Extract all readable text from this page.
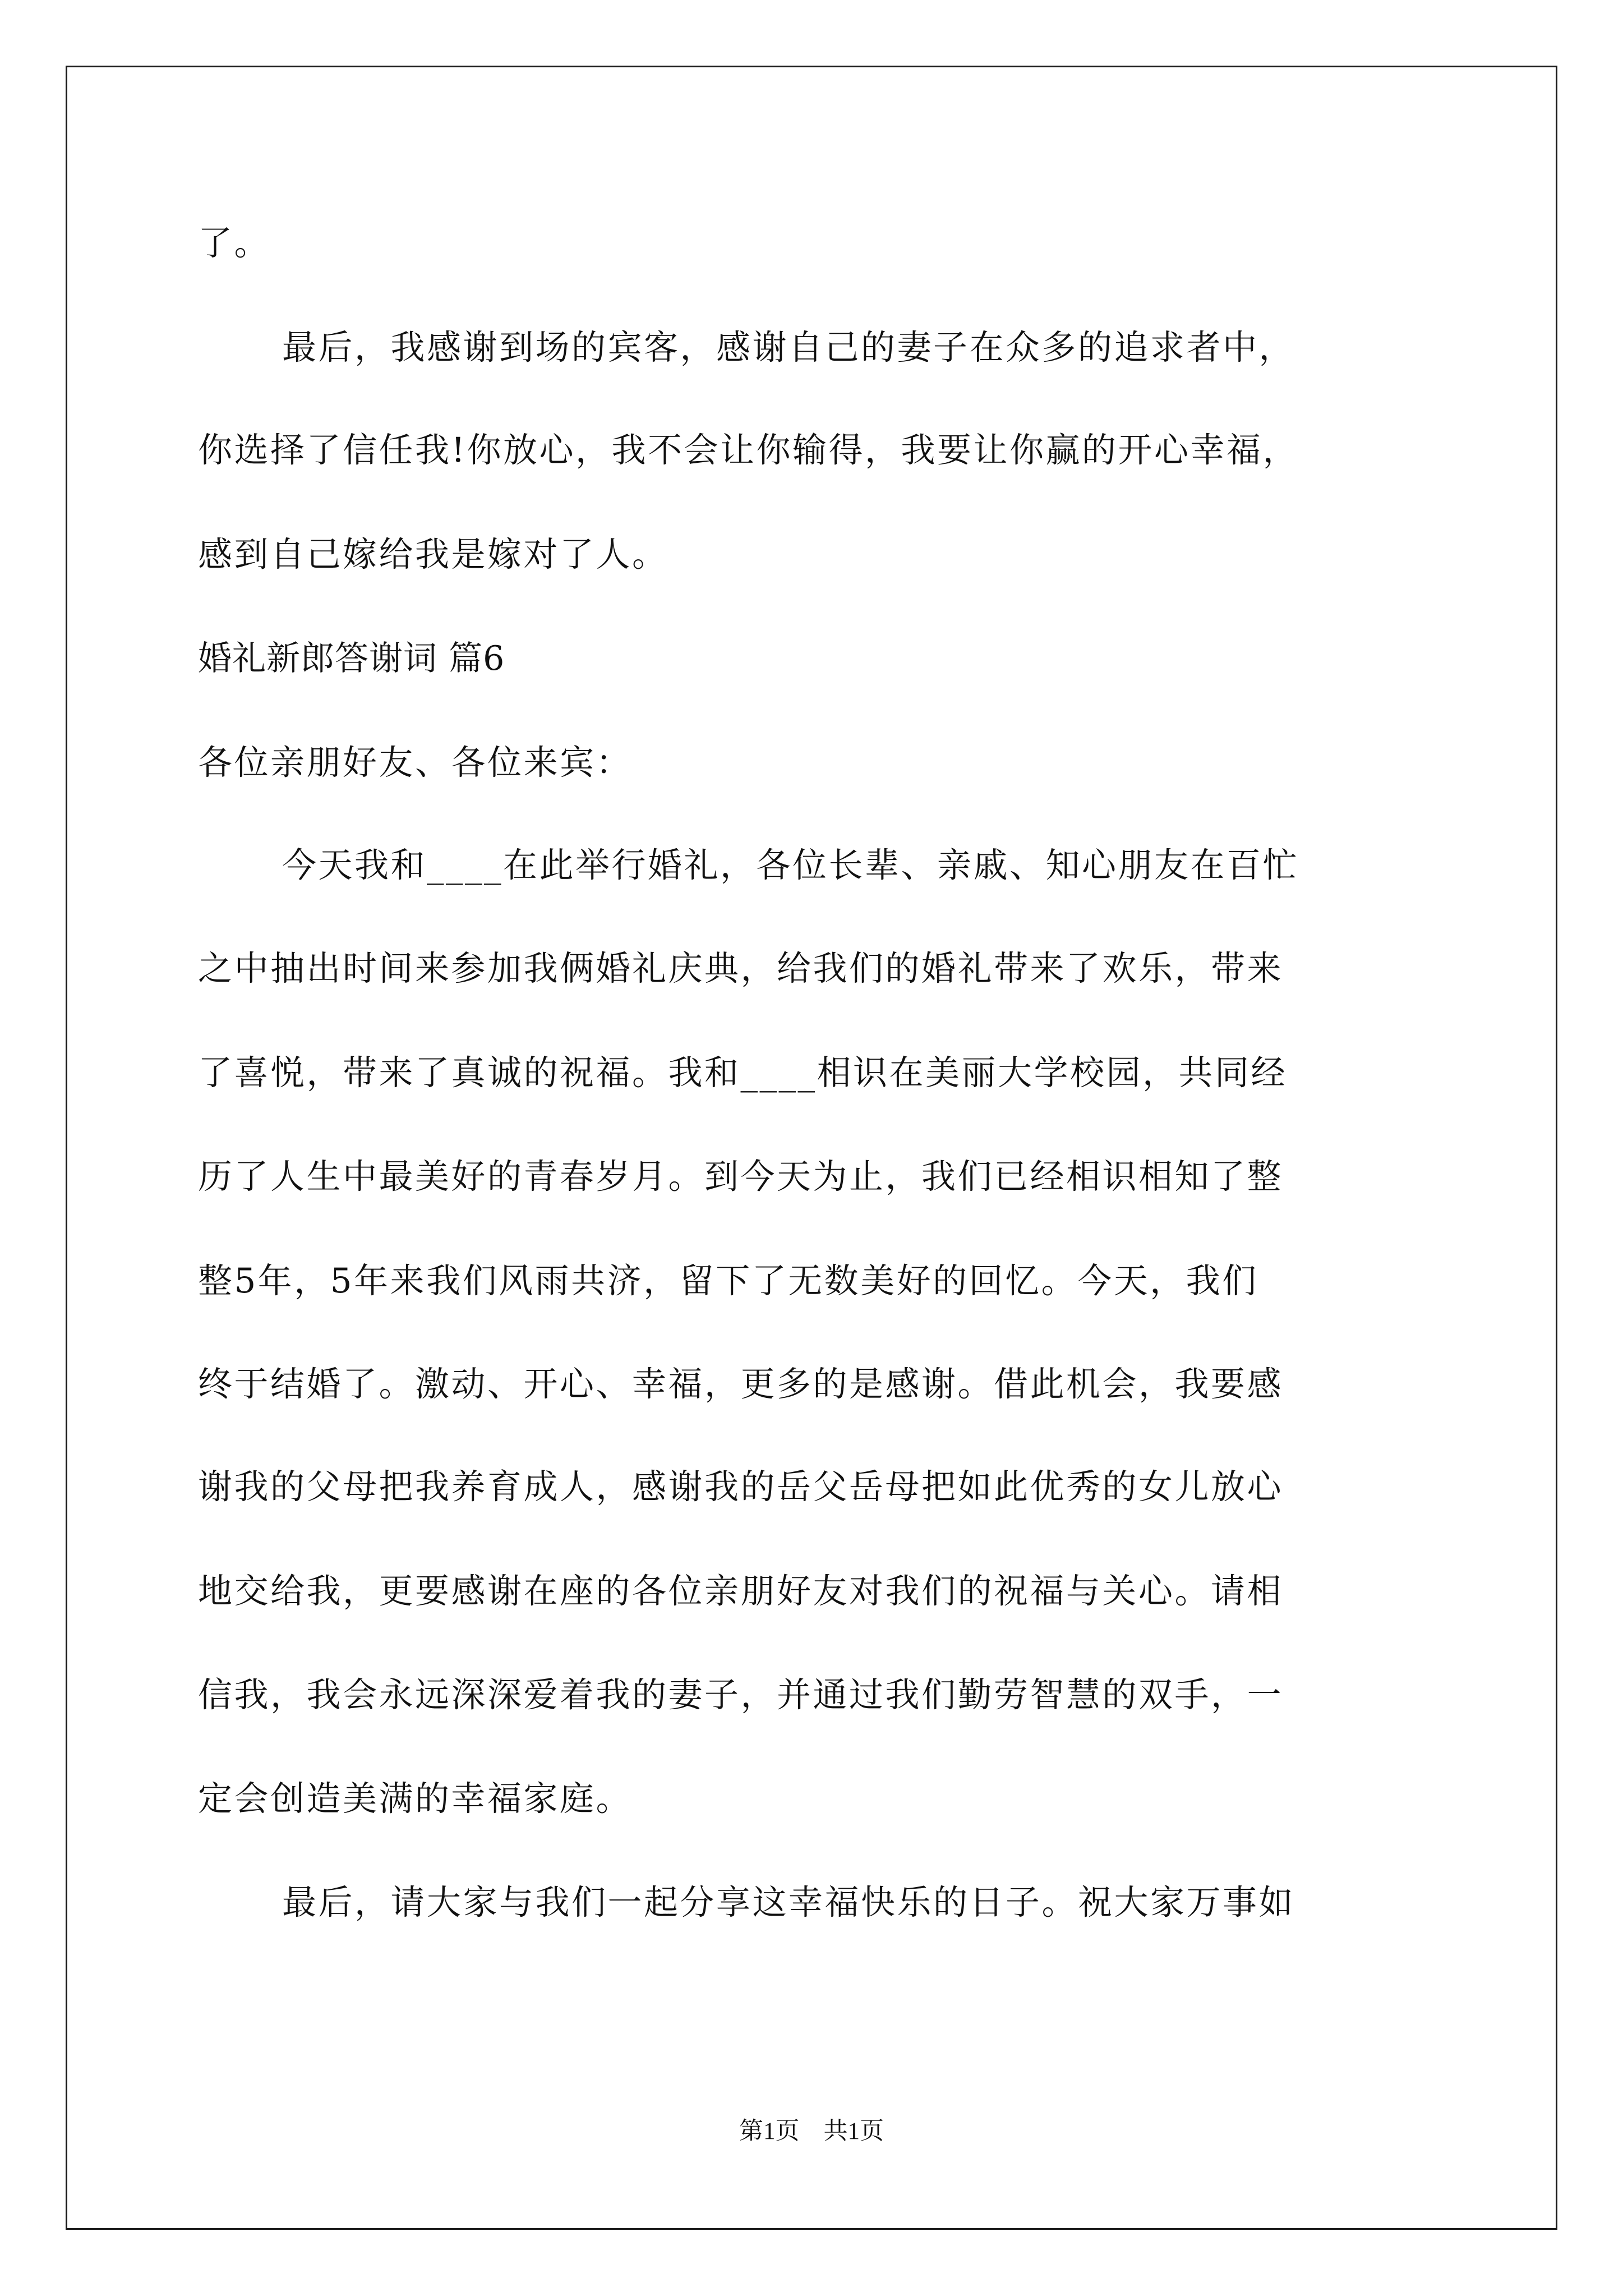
了。
最后，我感谢到场的宾客，感谢自己的妻子在众多的追求者中，
你选择了信任我!你放心，我不会让你输得，我要让你赢的开心幸福，
感到自己嫁给我是嫁对了人。
婚礼新郎答谢词 篇6
各位亲朋好友、各位来宾：
今天我和____在此举行婚礼，各位长辈、亲戚、知心朋友在百忙
之中抽出时间来参加我俩婚礼庆典，给我们的婚礼带来了欢乐，带来
了喜悦，带来了真诚的祝福。我和____相识在美丽大学校园，共同经
历了人生中最美好的青春岁月。到今天为止，我们已经相识相知了整
整5年，5年来我们风雨共济，留下了无数美好的回忆。今天，我们
终于结婚了。激动、开心、幸福，更多的是感谢。借此机会，我要感
谢我的父母把我养育成人，感谢我的岳父岳母把如此优秀的女儿放心
地交给我，更要感谢在座的各位亲朋好友对我们的祝福与关心。请相
信我，我会永远深深爱着我的妻子，并通过我们勤劳智慧的双手，一
定会创造美满的幸福家庭。
最后，请大家与我们一起分享这幸福快乐的日子。祝大家万事如
第1页　共1页
